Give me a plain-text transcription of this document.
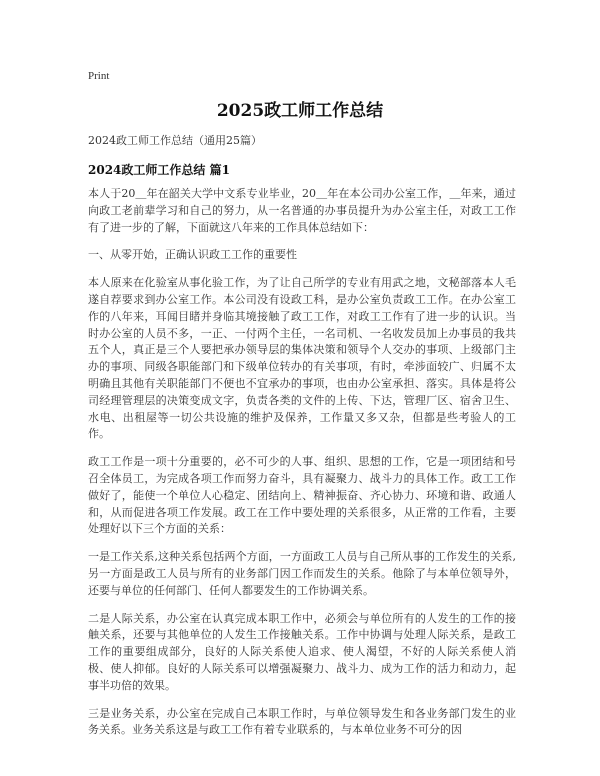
Print
2025政工师工作总结
2024政工师工作总结（通用25篇）
2024政工师工作总结 篇1

本人于20＿年在韶关大学中文系专业毕业，20＿年在本公司办公室工作，＿年来，通过向政工老前辈学习和自己的努力，从一名普通的办事员提升为办公室主任，对政工工作有了进一步的了解，下面就这八年来的工作具体总结如下：

一、从零开始，正确认识政工工作的重要性

本人原来在化验室从事化验工作，为了让自己所学的专业有用武之地，文秘部落本人毛遂自荐要求到办公室工作。本公司没有设政工科，是办公室负责政工工作。在办公室工作的八年来，耳闻目睹并身临其境接触了政工工作，对政工工作有了进一步的认识。当时办公室的人员不多，一正、一付两个主任，一名司机、一名收发员加上办事员的我共五个人，真正是三个人要把承办领导层的集体决策和领导个人交办的事项、上级部门主办的事项、同级各职能部门和下级单位转办的有关事项，有时，牵涉面较广、归属不太明确且其他有关职能部门不便也不宜承办的事项，也由办公室承担、落实。具体是将公司经理管理层的决策变成文字，负责各类的文件的上传、下达，管理厂区、宿舍卫生、水电、出租屋等一切公共设施的维护及保养，工作量又多又杂，但都是些考验人的工作。

政工工作是一项十分重要的，必不可少的人事、组织、思想的工作，它是一项团结和号召全体员工，为完成各项工作而努力奋斗，具有凝聚力、战斗力的具体工作。政工工作做好了，能使一个单位人心稳定、团结向上、精神振奋、齐心协力、环境和谐、政通人和，从而促进各项工作发展。政工在工作中要处理的关系很多，从正常的工作看，主要处理好以下三个方面的关系：

一是工作关系,这种关系包括两个方面，一方面政工人员与自己所从事的工作发生的关系,另一方面是政工人员与所有的业务部门因工作而发生的关系。他除了与本单位领导外，还要与单位的任何部门、任何人都要发生的工作协调关系。

二是人际关系，办公室在认真完成本职工作中，必须会与单位所有的人发生的工作的接触关系，还要与其他单位的人发生工作接触关系。工作中协调与处理人际关系，是政工工作的重要组成部分，良好的人际关系使人追求、使人渴望，不好的人际关系使人消极、使人抑郁。良好的人际关系可以增强凝聚力、战斗力、成为工作的活力和动力，起事半功倍的效果。

三是业务关系，办公室在完成自己本职工作时，与单位领导发生和各业务部门发生的业务关系。业务关系这是与政工工作有着专业联系的，与本单位业务不可分的因
